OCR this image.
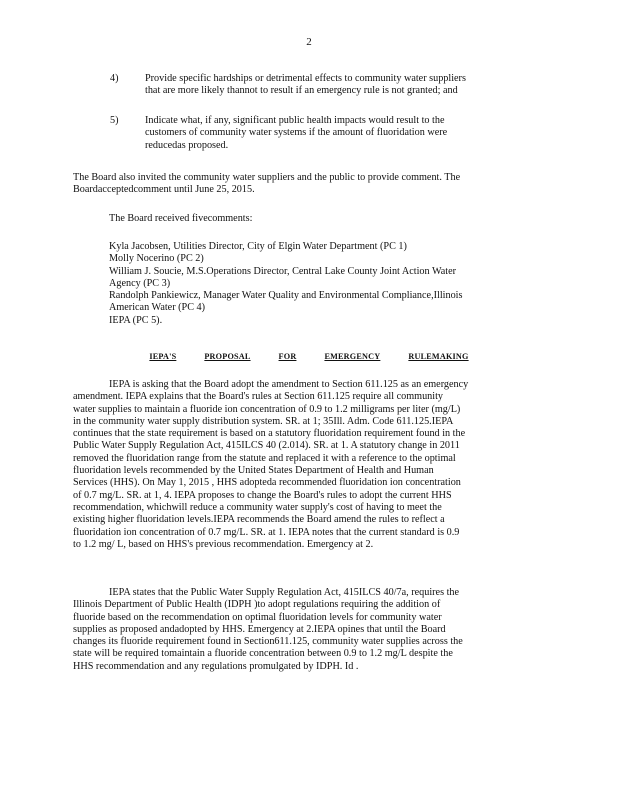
2
4)	Provide specific hardships or detrimental effects to community water suppliers
that are more likely thannot to result if an emergency rule is not granted; and
5)	Indicate what, if any, significant public health impacts would result to the
customers of community water systems if the amount of fluoridation were
reducedas proposed.
The Board also invited the community water suppliers and the public to provide comment. The
Boardacceptedcomment until June 25, 2015.
The Board received fivecomments:
Kyla Jacobsen, Utilities Director, City of Elgin Water Department (PC 1)
Molly Nocerino (PC 2)
William J. Soucie, M.S.Operations Director, Central Lake County Joint Action Water
Agency (PC 3)
Randolph Pankiewicz, Manager Water Quality and Environmental Compliance,Illinois
American Water (PC 4)
IEPA (PC 5).
IEPA'S	PROPOSAL	FOR	EMERGENCY	RULEMAKING
IEPA is asking that the Board adopt the amendment to Section 611.125 as an emergency
amendment. IEPA explains that the Board's rules at Section 611.125 require all community
water supplies to maintain a fluoride ion concentration of 0.9 to 1.2 milligrams per liter (mg/L)
in the community water supply distribution system. SR. at 1; 35Ill. Adm. Code 611.125.IEPA
continues that the state requirement is based on a statutory fluoridation requirement found in the
Public Water Supply Regulation Act, 415ILCS 40 (2.014). SR. at 1. A statutory change in 2011
removed the fluoridation range from the statute and replaced it with a reference to the optimal
fluoridation levels recommended by the United States Department of Health and Human
Services (HHS). On May 1, 2015 , HHS adopteda recommended fluoridation ion concentration
of 0.7 mg/L. SR. at 1, 4. IEPA proposes to change the Board's rules to adopt the current HHS
recommendation, whichwill reduce a community water supply's cost of having to meet the
existing higher fluoridation levels.IEPA recommends the Board amend the rules to reflect a
fluoridation ion concentration of 0.7 mg/L. SR. at 1. IEPA notes that the current standard is 0.9
to 1.2 mg/ L, based on HHS's previous recommendation. Emergency at 2.
IEPA states that the Public Water Supply Regulation Act, 415ILCS 40/7a, requires the
Illinois Department of Public Health (IDPH )to adopt regulations requiring the addition of
fluoride based on the recommendation on optimal fluoridation levels for community water
supplies as proposed andadopted by HHS. Emergency at 2.IEPA opines that until the Board
changes its fluoride requirement found in Section611.125, community water supplies across the
state will be required tomaintain a fluoride concentration between 0.9 to 1.2 mg/L despite the
HHS recommendation and any regulations promulgated by IDPH. Id .
